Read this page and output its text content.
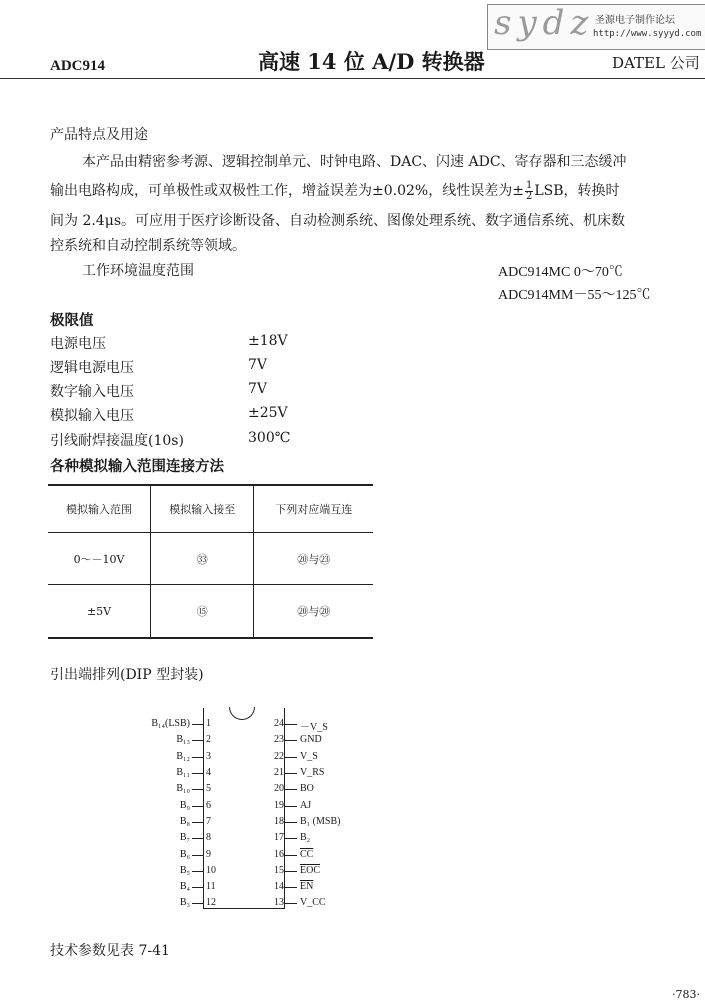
sydz 圣源电子制作论坛
http://www.syyyd.com
ADC914	高速 14 位 A/D 转换器	DATEL 公司
产品特点及用途
本产品由精密参考源、逻辑控制单元、时钟电路、DAC、闪速 ADC、寄存器和三态缓冲
输出电路构成，可单极性或双极性工作，增益误差为±0.02%，线性误差为± $\frac{1}{2}$ LSB，转换时
间为 2.4μs。可应用于医疗诊断设备、自动检测系统、图像处理系统、数字通信系统、机床数
控系统和自动控制系统等领域。
工作环境温度范围	ADC914MC 0～70℃
ADC914MM－55～125℃
极限值
电源电压	±18V
逻辑电源电压	7V
数字输入电压	7V
模拟输入电压	±25V
引线耐焊接温度(10s)	300℃
各种模拟输入范围连接方法
模拟输入范围	模拟输入接至	下列对应端互连
0～－10V	㉝	⑳与㉓
±5V	⑮	⑳与⑳
引出端排列(DIP 型封装)
B₁₄(LSB) 1
B₁₃ 2
B₁₂ 3
B₁₁ 4
B₁₀ 5
B₉ 6
B₈ 7
B₇ 8
B₆ 9
B₅ 10
B₄ 11
B₃ 12
24 －V_S
23 GND
22 V_S
21 V_RS
20 BO
19 AJ
18 B₁ (MSB)
17 B₂
16 $\overline{CC}$
15 $\overline{EOC}$
14 $\overline{EN}$
13 V_CC
技术参数见表 7-41
·783·
